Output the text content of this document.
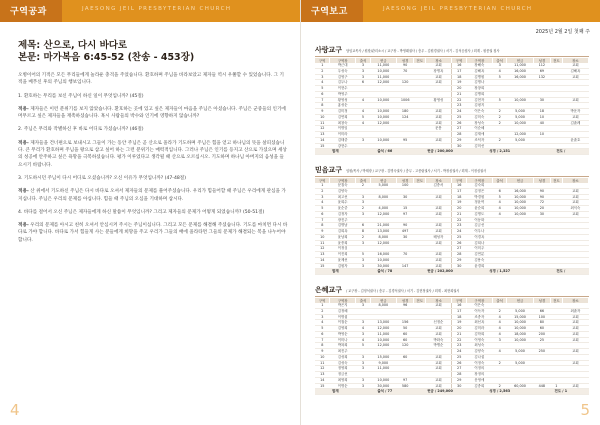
구역공과	JAESONG JEIL PRESBYTERIAN CHURCH
제목: 산으로, 다시 바다로
본문: 마가복음 6:45-52 (찬송 - 453장)

오병이어의 기적은 모든 무리들에게 놀라운 충격을 주었습니다. 환호하며 주님을 바라보았고 제자들 역시 우쭐할 수 있었습니다. 그 기적을 베푸신 후의 주님의 행보입니다.

1. 환호하는 무리를 보신 주님이 하신 일이 무엇입니까? (45절)

적용- 제자들은 이런 분위기를 보지 않았습니다. 환호하는 곳에 있고 싶은 제자들이 마음을 주님은 아셨습니다. 주님은 군중들의 인기에 머무르고 싶은 제자들을 재촉하셨습니다. 혹시 사람들의 박수와 인기에 영향하지 않습니까?

2. 주님은 무리와 작별하신 후 바로 어디로 가셨습니까? (46절)

적용- 제자들을 건너편으로 보내시고 그들이 가는 동안 주님은 곧 산으로 올라가 기도하며 주님은 힘을 얻고 하나님의 뜻을 살피셨습니다. 큰 무리가 환호하며 주님을 왕으로 삼고 싶어 하는 그런 분위기는 매력적입니다. 그러나 주님은 인기를 등지고 산으로 가셨으며 세상의 성공에 안주하고 싶은 욕망을 극복하셨습니다. 평가 이루었다고 생각될 때 산으로 오르십시오. 기도하며 하나님 아버지의 음성을 들으시기 바랍니다.

3. 기도하시던 주님이 다시 어디로 오셨습니까? 오신 이유가 무엇입니까? (47-48절)

적용- 산 위에서 기도하신 주님은 다시 바다로 오셔서 제자들의 문제를 풀어주셨습니다. 우리가 힘들어할 때 주님은 우리에게 관심을 가지십니다. 주님은 우리의 문제를 아십니다. 힘들 때 주님의 오심을 기대하며 삽시다.

4. 바다를 걸어서 오신 주님은 제자들에게 하신 말씀이 무엇입니까? 그리고 제자들의 문제가 어떻게 되었습니까? (50-51절)

적용- 우리의 문제를 아시고 친히 오셔서 안심시켜 주시는 주님이십니다. 그리고 모든 문제를 해결해 주셨습니다. 기도를 마치면 다시 바다로 가야 합니다. 바다로 가서 힘들게 사는 분들에게 희망을 주고 우리가 그들의 배에 올라타면 그들의 문제가 해결되는 복을 나누어야 합니다.

4
구역보고	JAESONG JEIL PRESBYTERIAN CHURCH
2025년 2월 2일 첫째 주
사랑교구 담임교목사 / 원장/관리소시 / 교구장 - 박영래권사 / 총무 - 김원경권사 / 서기 - 김석순집사 / 회계 - 원종권 집사
구역	구역장	출석	헌금	성경	전도	장소	구역	구역장	출석	헌금	성경	전도	장소
1	박근대	3	11,000	90		교회	16	장해숙	3	11,000	112		교회
2	우성숙	3	10,000	70		장명옥	17	김해옥	4	16,000	69		김해옥
3	김영구	3	11,000			교회	18	김병원	5	16,000	132		교회
4	김두나	6	12,000	120		교회	19	김명나					
5	이현수						20	장창희					
6	박영주						21	김병희					
7	황영성	4	10,000	1006		황영성	22	김현자	5	10,000	30		교회
8	홍성순						23	김평지					
9	김미정	4	10,000	180		교회	24	이은숙	2	5,000	18		박운자
10	김연희	5	10,000	124		교회	25	김미숙	2	5,000	10		교회
11	최창숙	4	12,000			교회	26	장성숙	2	10,000	40		김춘례
12	이명임					문봉	27	이순혜					
13	이미라						28	김재애		12,000	10		
14	김태중	3	10,000	95		교회	29	조덕자	2	5,000			윤춘호
15	강현수						30	김미선					
합계		출석 / 66			헌금 / 200,000			성경 / 2,151			전도 /		
믿음교구 임원/목사 / 박태장 / 교구장 - 김명숙권사 / 총무 - 고종림권사 / 서기 - 박정심권사 / 회계 - 이정심권사
구역	구역장	출석	헌금	성경	전도	장소	구역	구역장	출석	헌금	성경	전도	장소
1	문칠숙	2	5,000	100		김종서	16	김숙희					
2	김양숙						17	김정은	6	16,000	90		교회
3	최고선	3	8,000	30		교회	18	박경원	5	10,000	90		교회
4	윤희수	3					19	정윤여	4	10,000	72		교회
5	윤순중	2	4,000	15		교회	20	윤순희	4	10,000	20		최익숙
6	김정자	3	12,000	97		교회	21	김명도	4	10,000	30		교회
7	장진주						22	이동화					
8	김명남	6	21,000	90		교회	23	김금선					
9	김희옥	8	13,000	497		교회	24	이우나					
10	윤남희	2	8,000	30		배성자	25	이경옥					
11	윤종희	3	12,000			교회	26	김희나					
12	이정심						27	이미주					
13	이진희	5	16,000	70		교회	28	김연분					
14	윤제선	3	10,000			교회	29	김용숙					
15	김원자	3	30,000	147		교회	30	윤경희					
합계		출석 / 78			헌금 / 202,000			성경 / 1,527			전도 /		
은혜교구 / 교구장 - 김정석권사 / 총무 - 김경석권사 / 서기 - 김현정권사 / 회계 - 최현희권사
구역	구역장	출석	헌금	성경	전도	장소	구역	구역장	출석	헌금	성경	전도	장소
1	박은지	3	8,000	96		교회	16	이은숙					
2	김정혜						17	이득자	2	5,000	66		최춘자
3	이명섭						18	조종자	4	15,000	100		교회
4	이철순	3	13,000	156		신정순	19	최선옥	4	10,000	80		교회
5	김영희	4	12,000	50		교회	20	김미라	4	10,000	60		교회
6	박영순	3	11,000	60		교회	21	김학희	4	18,000	200		교회
7	이미나	4	10,000	60		박화숙	22	이영숙	3	10,000	25		교회
8	박복희	5	12,000	120		박병순	23	최성숙					
9	최진주						24	김양숙	4	5,000	250		교회
10	김성희	3	15,000	60		교회	25	김나섭					
11	김성숙	3	9,000			교회	26	이정숙	2	5,000			교회
12	정영희	3	11,000			교회	27	이정의					
13	정금선						28	장정의					
14	최영희	3	10,000	97		교회	29	문영애					
15	이명순	3	30,000	580		교회	30	김종희	2	60,000	448	1	교회
합계		출석 / 77			헌금 / 249,000			성경 / 2,563			전도 / 1		
5
